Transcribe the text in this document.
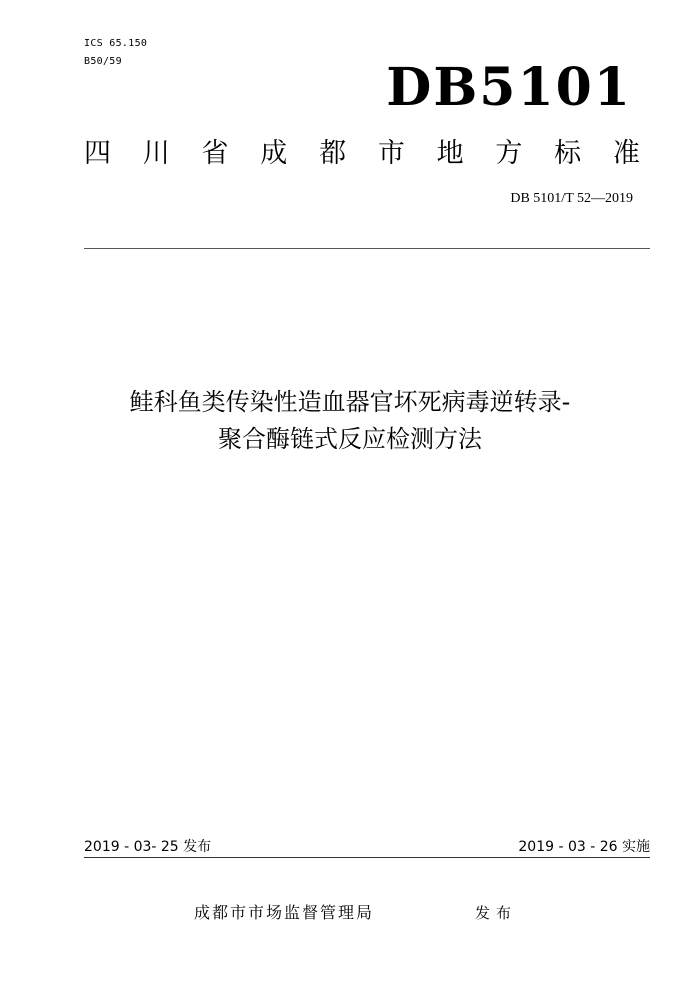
ICS 65.150
B50/59	DB5101
四 川 省 成 都 市 地 方 标 准
DB 5101/T 52—2019
鲑科鱼类传染性造血器官坏死病毒逆转录-
聚合酶链式反应检测方法
2019 - 03- 25 发布	2019 - 03 - 26 实施
成都市市场监督管理局	发布
